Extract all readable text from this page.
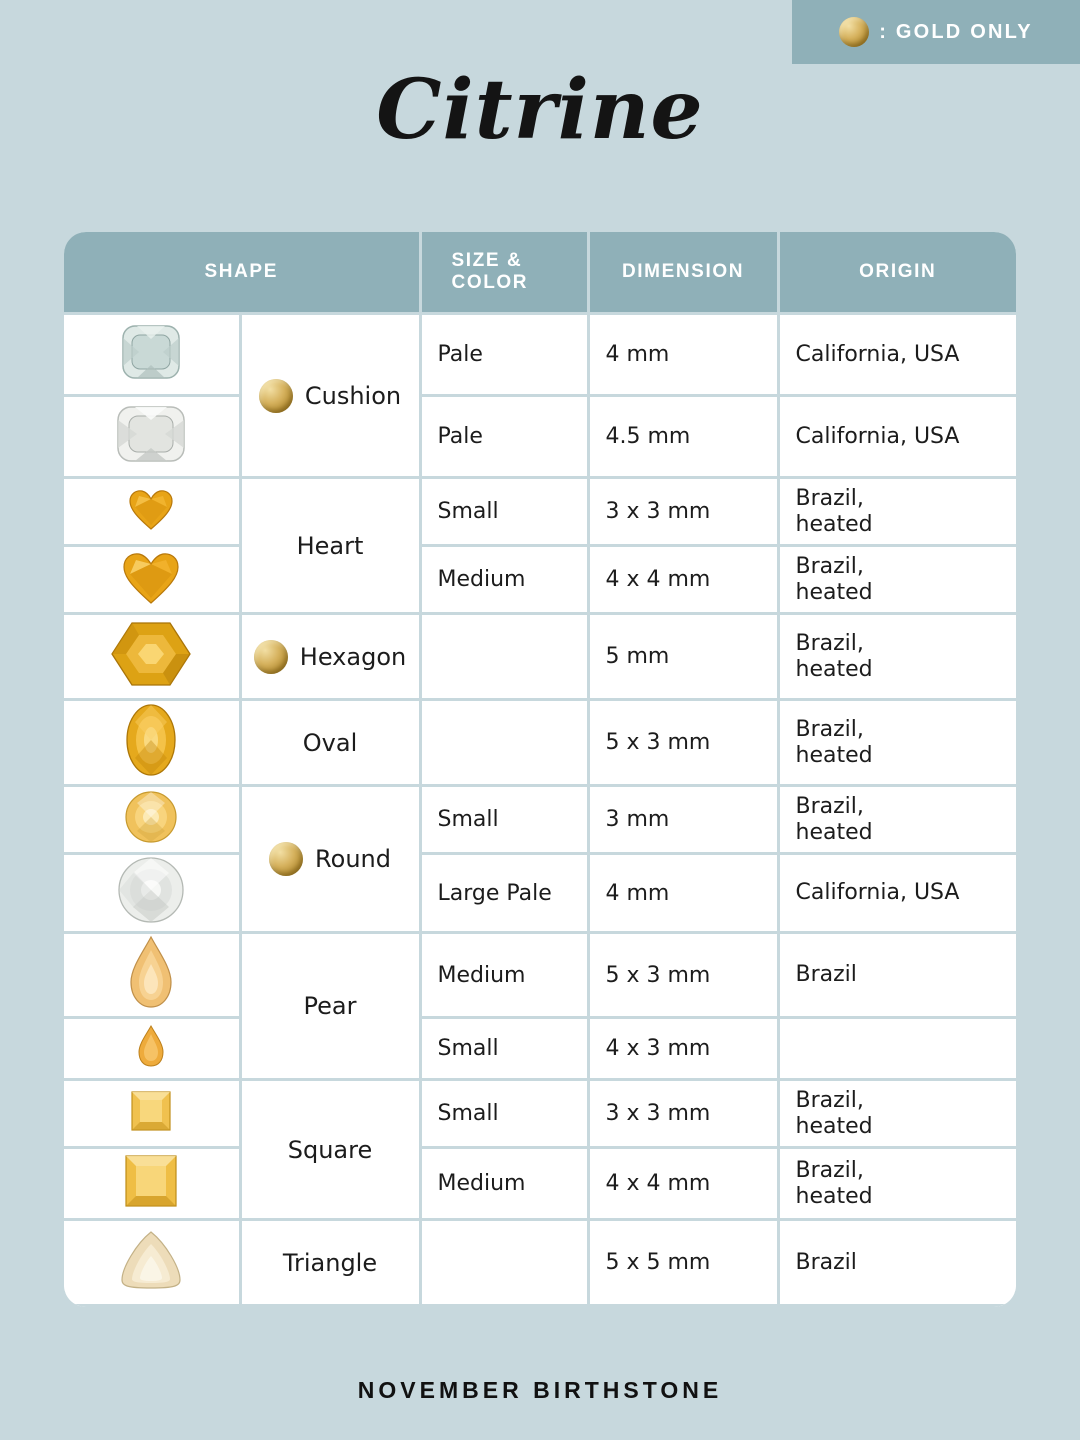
: GOLD ONLY
Citrine
SHAPE		SIZE &
COLOR	DIMENSION	ORIGIN

Cushion	Pale	4 mm	California, USA

	Pale	4.5 mm	California, USA

Heart	Small	3 x 3 mm	Brazil,
heated

	Medium	4 x 4 mm	Brazil,
heated

Hexagon		5 mm	Brazil,
heated

Oval		5 x 3 mm	Brazil,
heated

Round	Small	3 mm	Brazil,
heated

	Large Pale	4 mm	California, USA

Pear	Medium	5 x 3 mm	Brazil

	Small	4 x 3 mm	

Square	Small	3 x 3 mm	Brazil,
heated

	Medium	4 x 4 mm	Brazil,
heated

Triangle		5 x 5 mm	Brazil
NOVEMBER BIRTHSTONE
